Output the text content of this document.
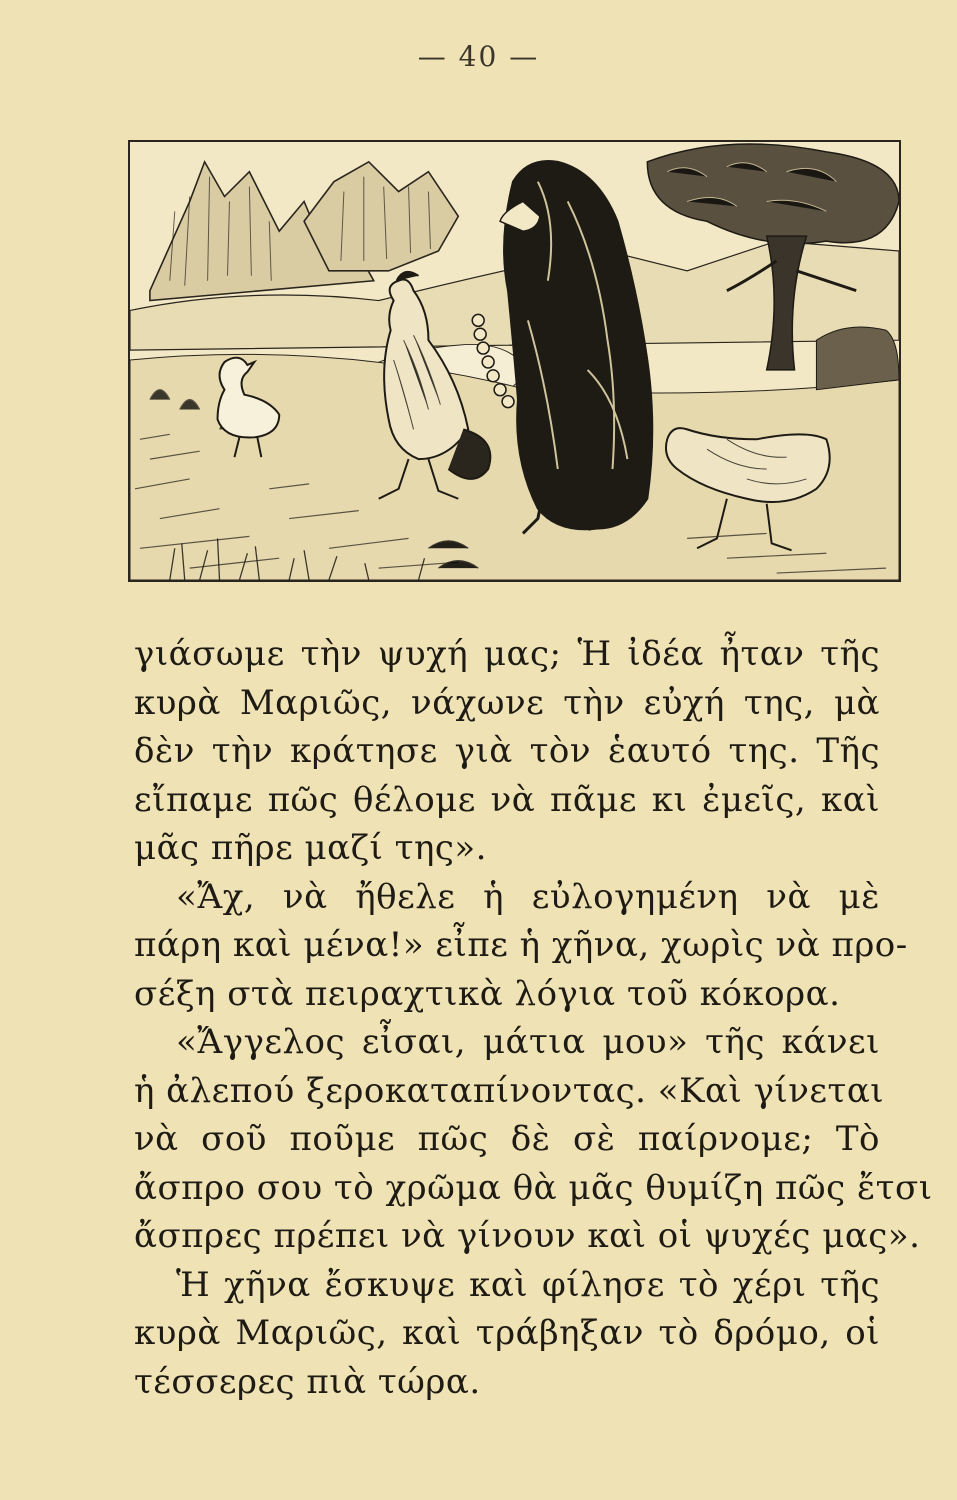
— 40 —
γιάσωμε τὴν ψυχή μας; Ἡ ἰδέα ἦταν τῆς
κυρὰ Μαριῶς, νάχωνε τὴν εὐχή της, μὰ
δὲν τὴν κράτησε γιὰ τὸν ἑαυτό της. Τῆς
εἴπαμε πῶς θέλομε νὰ πᾶμε κι ἐμεῖς, καὶ
μᾶς πῆρε μαζί της».
«Ἄχ, νὰ ἤθελε ἡ εὐλογημένη νὰ μὲ
πάρη καὶ μένα!» εἶπε ἡ χῆνα, χωρὶς νὰ προ-
σέξη στὰ πειραχτικὰ λόγια τοῦ κόκορα.
«Ἄγγελος εἶσαι, μάτια μου» τῆς κάνει
ἡ ἀλεπού ξεροκαταπίνοντας. «Καὶ γίνεται
νὰ σοῦ ποῦμε πῶς δὲ σὲ παίρνομε; Τὸ
ἄσπρο σου τὸ χρῶμα θὰ μᾶς θυμίζη πῶς ἔτσι
ἄσπρες πρέπει νὰ γίνουν καὶ οἱ ψυχές μας».
Ἡ χῆνα ἔσκυψε καὶ φίλησε τὸ χέρι τῆς
κυρὰ Μαριῶς, καὶ τράβηξαν τὸ δρόμο, οἱ
τέσσερες πιὰ τώρα.
